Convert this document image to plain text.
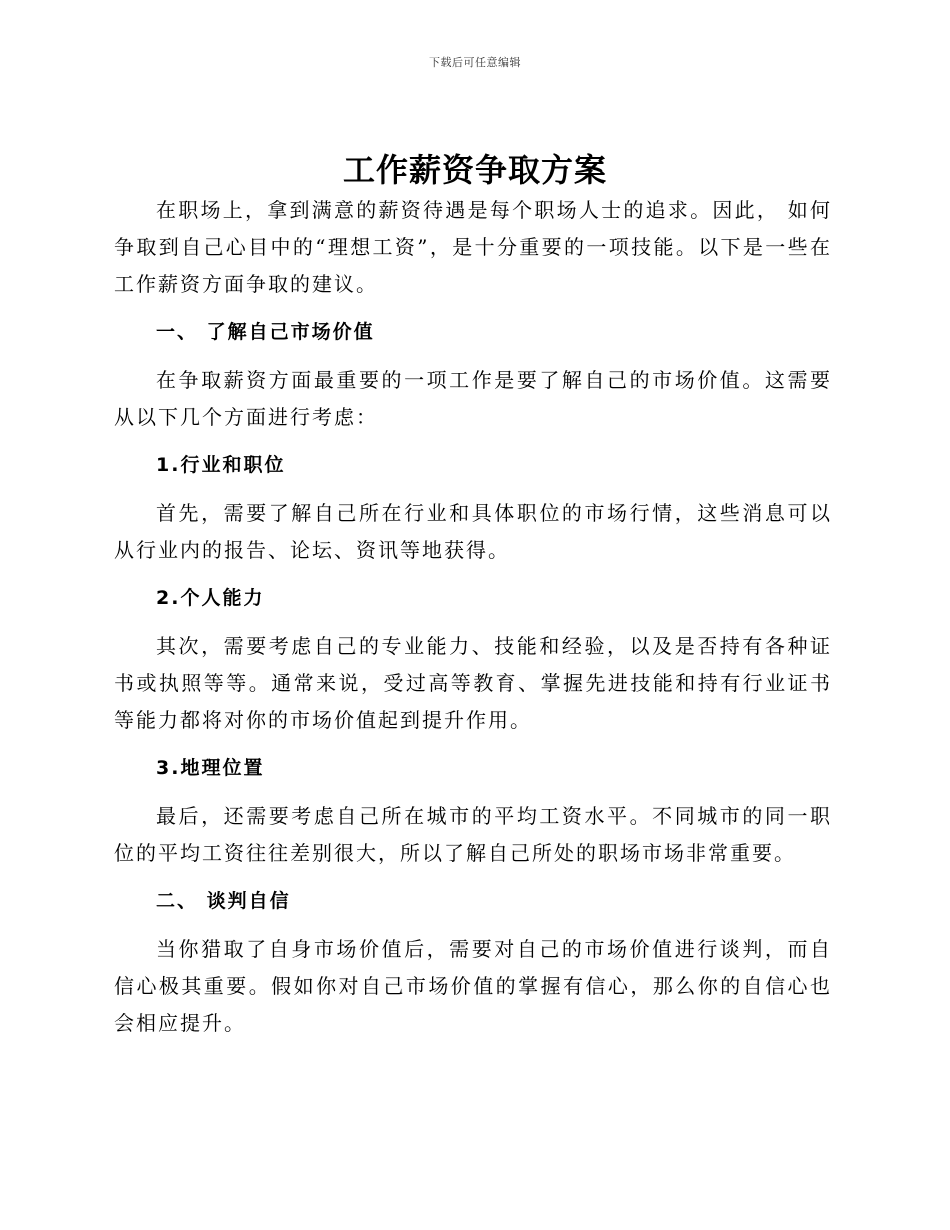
下载后可任意编辑
工作薪资争取方案

在职场上，拿到满意的薪资待遇是每个职场人士的追求。因此， 如何争取到自己心目中的“理想工资”，是十分重要的一项技能。以下是一些在工作薪资方面争取的建议。

一、 了解自己市场价值

在争取薪资方面最重要的一项工作是要了解自己的市场价值。这需要从以下几个方面进行考虑：

1.行业和职位

首先，需要了解自己所在行业和具体职位的市场行情，这些消息可以从行业内的报告、论坛、资讯等地获得。

2.个人能力

其次，需要考虑自己的专业能力、技能和经验，以及是否持有各种证书或执照等等。通常来说，受过高等教育、掌握先进技能和持有行业证书等能力都将对你的市场价值起到提升作用。

3.地理位置

最后，还需要考虑自己所在城市的平均工资水平。不同城市的同一职位的平均工资往往差别很大，所以了解自己所处的职场市场非常重要。

二、 谈判自信

当你猎取了自身市场价值后，需要对自己的市场价值进行谈判，而自信心极其重要。假如你对自己市场价值的掌握有信心，那么你的自信心也会相应提升。
